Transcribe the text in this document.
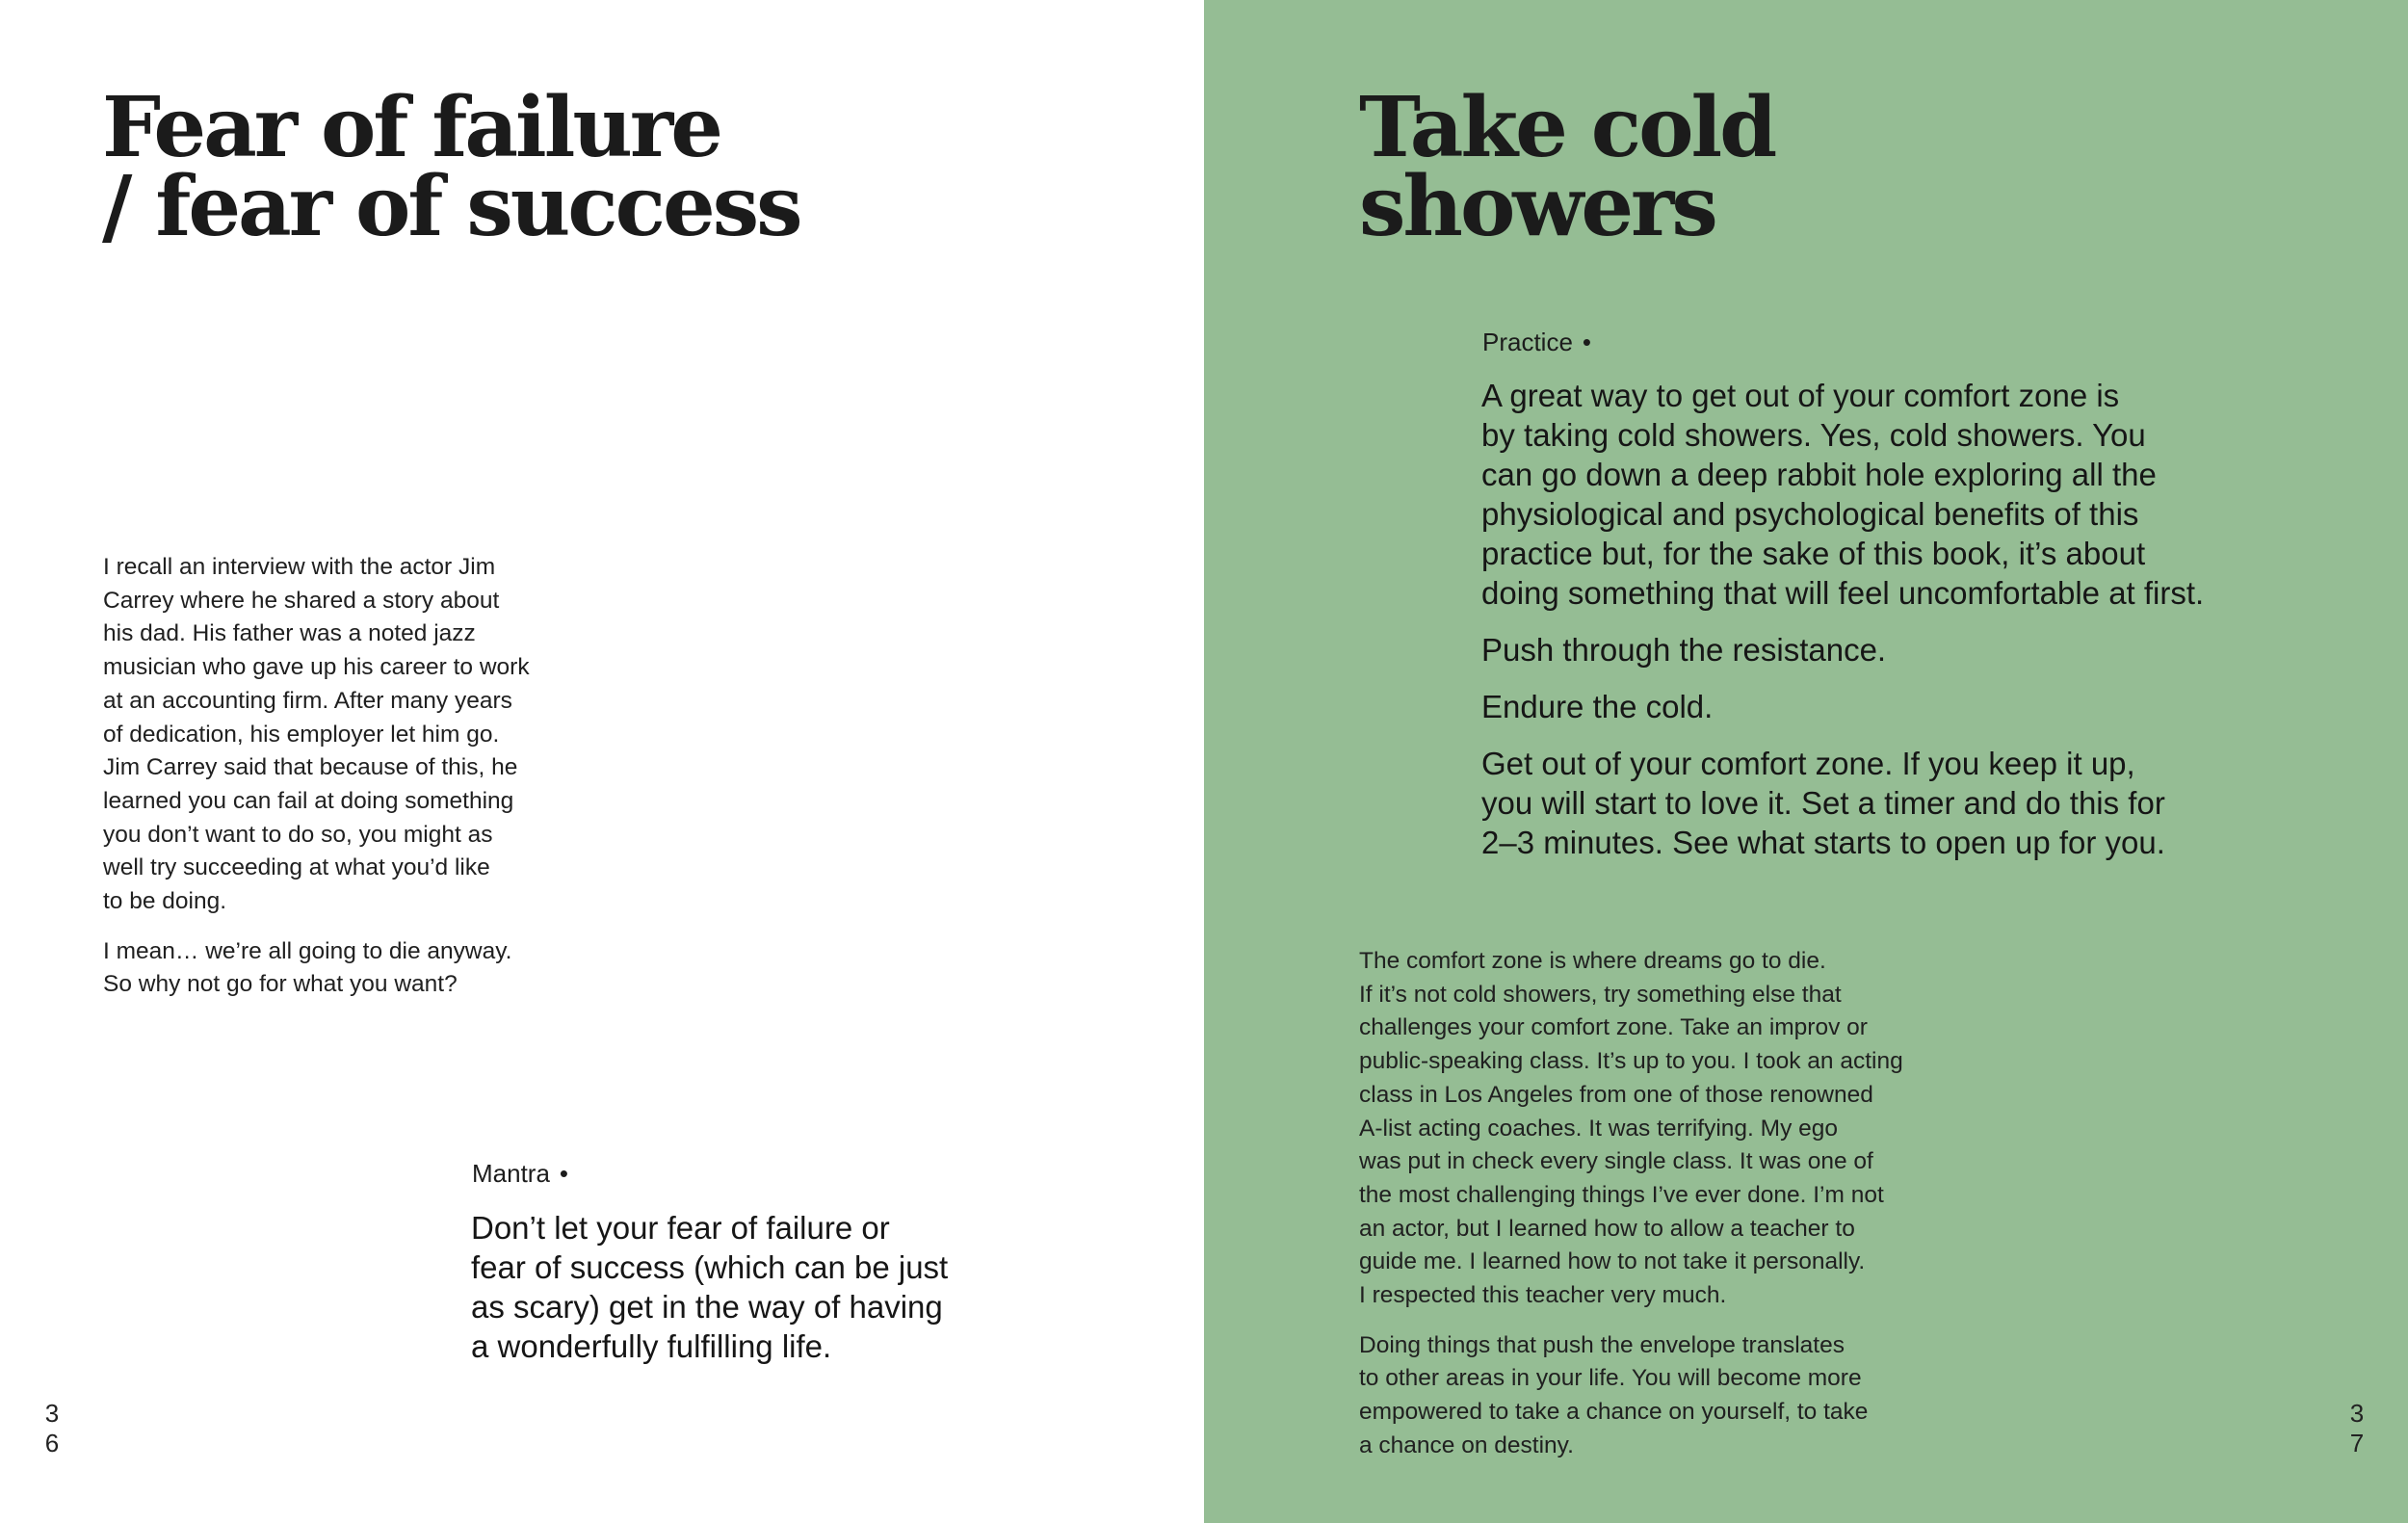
Fear of failure
/ fear of success
I recall an interview with the actor Jim
Carrey where he shared a story about
his dad. His father was a noted jazz
musician who gave up his career to work
at an accounting firm. After many years
of dedication, his employer let him go.
Jim Carrey said that because of this, he
learned you can fail at doing something
you don’t want to do so, you might as
well try succeeding at what you’d like
to be doing.
I mean… we’re all going to die anyway.
So why not go for what you want?
Mantra •
Don’t let your fear of failure or
fear of success (which can be just
as scary) get in the way of having
a wonderfully fulfilling life.
3
6
Take cold
showers
Practice •
A great way to get out of your comfort zone is
by taking cold showers. Yes, cold showers. You
can go down a deep rabbit hole exploring all the
physiological and psychological benefits of this
practice but, for the sake of this book, it’s about
doing something that will feel uncomfortable at first.
Push through the resistance.
Endure the cold.
Get out of your comfort zone. If you keep it up,
you will start to love it. Set a timer and do this for
2–3 minutes. See what starts to open up for you.
The comfort zone is where dreams go to die.
If it’s not cold showers, try something else that
challenges your comfort zone. Take an improv or
public-speaking class. It’s up to you. I took an acting
class in Los Angeles from one of those renowned
A-list acting coaches. It was terrifying. My ego
was put in check every single class. It was one of
the most challenging things I’ve ever done. I’m not
an actor, but I learned how to allow a teacher to
guide me. I learned how to not take it personally.
I respected this teacher very much.
Doing things that push the envelope translates
to other areas in your life. You will become more
empowered to take a chance on yourself, to take
a chance on destiny.
3
7
